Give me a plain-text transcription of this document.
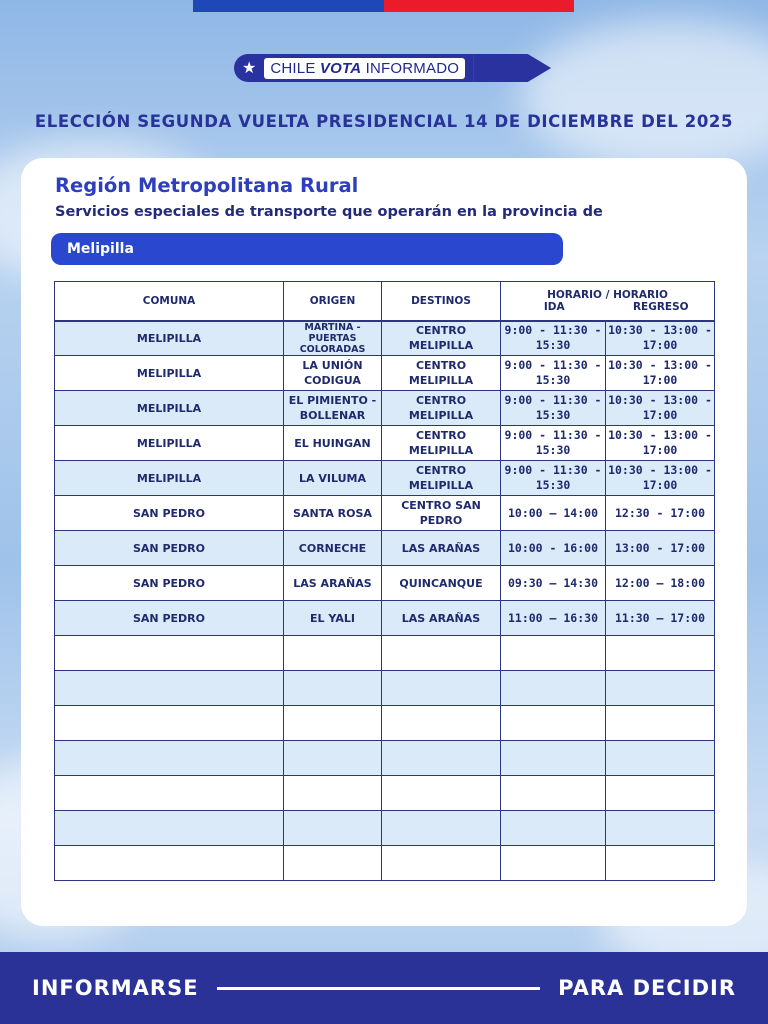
★ CHILE VOTA INFORMADO
ELECCIÓN SEGUNDA VUELTA PRESIDENCIAL 14 DE DICIEMBRE DEL 2025
Región Metropolitana Rural
Servicios especiales de transporte que operarán en la provincia de
Melipilla
COMUNA	ORIGEN	DESTINOS	HORARIO / HORARIO
IDA REGRESO	

MELIPILLA	MARTINA - PUERTAS COLORADAS	CENTRO MELIPILLA	9:00 - 11:30 - 15:30	10:30 - 13:00 - 17:00
MELIPILLA	LA UNIÓN CODIGUA	CENTRO MELIPILLA	9:00 - 11:30 - 15:30	10:30 - 13:00 - 17:00
MELIPILLA	EL PIMIENTO - BOLLENAR	CENTRO MELIPILLA	9:00 - 11:30 - 15:30	10:30 - 13:00 - 17:00
MELIPILLA	EL HUINGAN	CENTRO MELIPILLA	9:00 - 11:30 - 15:30	10:30 - 13:00 - 17:00
MELIPILLA	LA VILUMA	CENTRO MELIPILLA	9:00 - 11:30 - 15:30	10:30 - 13:00 - 17:00
SAN PEDRO	SANTA ROSA	CENTRO SAN PEDRO	10:00 – 14:00	12:30 - 17:00
SAN PEDRO	CORNECHE	LAS ARAÑAS	10:00 - 16:00	13:00 - 17:00
SAN PEDRO	LAS ARAÑAS	QUINCANQUE	09:30 – 14:30	12:00 – 18:00
SAN PEDRO	EL YALI	LAS ARAÑAS	11:00 – 16:30	11:30 – 17:00

INFORMARSE	PARA DECIDIR
